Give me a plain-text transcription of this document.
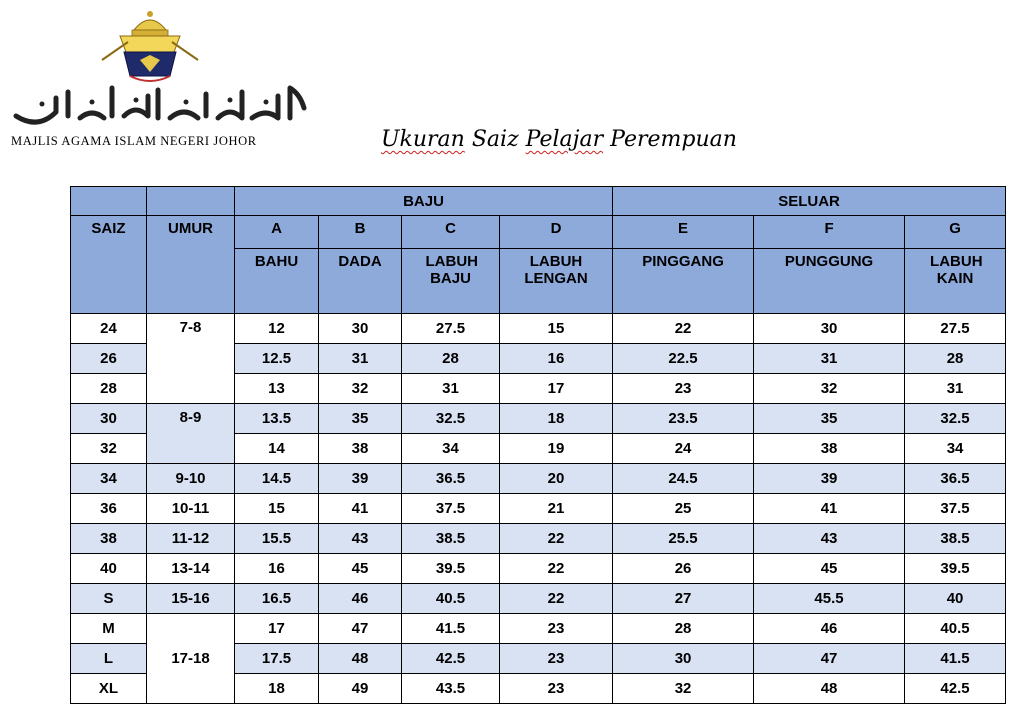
MAJLIS AGAMA ISLAM NEGERI JOHOR	Ukuran Saiz Pelajar Perempuan
		BAJU				SELUAR		
SAIZ	UMUR	A	B	C	D	E	F	G
		BAHU	DADA	LABUH BAJU	LABUH LENGAN	PINGGANG	PUNGGUNG	LABUH KAIN
24	7-8	12	30	27.5	15	22	30	27.5
26		12.5	31	28	16	22.5	31	28
28		13	32	31	17	23	32	31
30	8-9	13.5	35	32.5	18	23.5	35	32.5
32		14	38	34	19	24	38	34
34	9-10	14.5	39	36.5	20	24.5	39	36.5
36	10-11	15	41	37.5	21	25	41	37.5
38	11-12	15.5	43	38.5	22	25.5	43	38.5
40	13-14	16	45	39.5	22	26	45	39.5
S	15-16	16.5	46	40.5	22	27	45.5	40
M	17-18	17	47	41.5	23	28	46	40.5
L		17.5	48	42.5	23	30	47	41.5
XL		18	49	43.5	23	32	48	42.5
